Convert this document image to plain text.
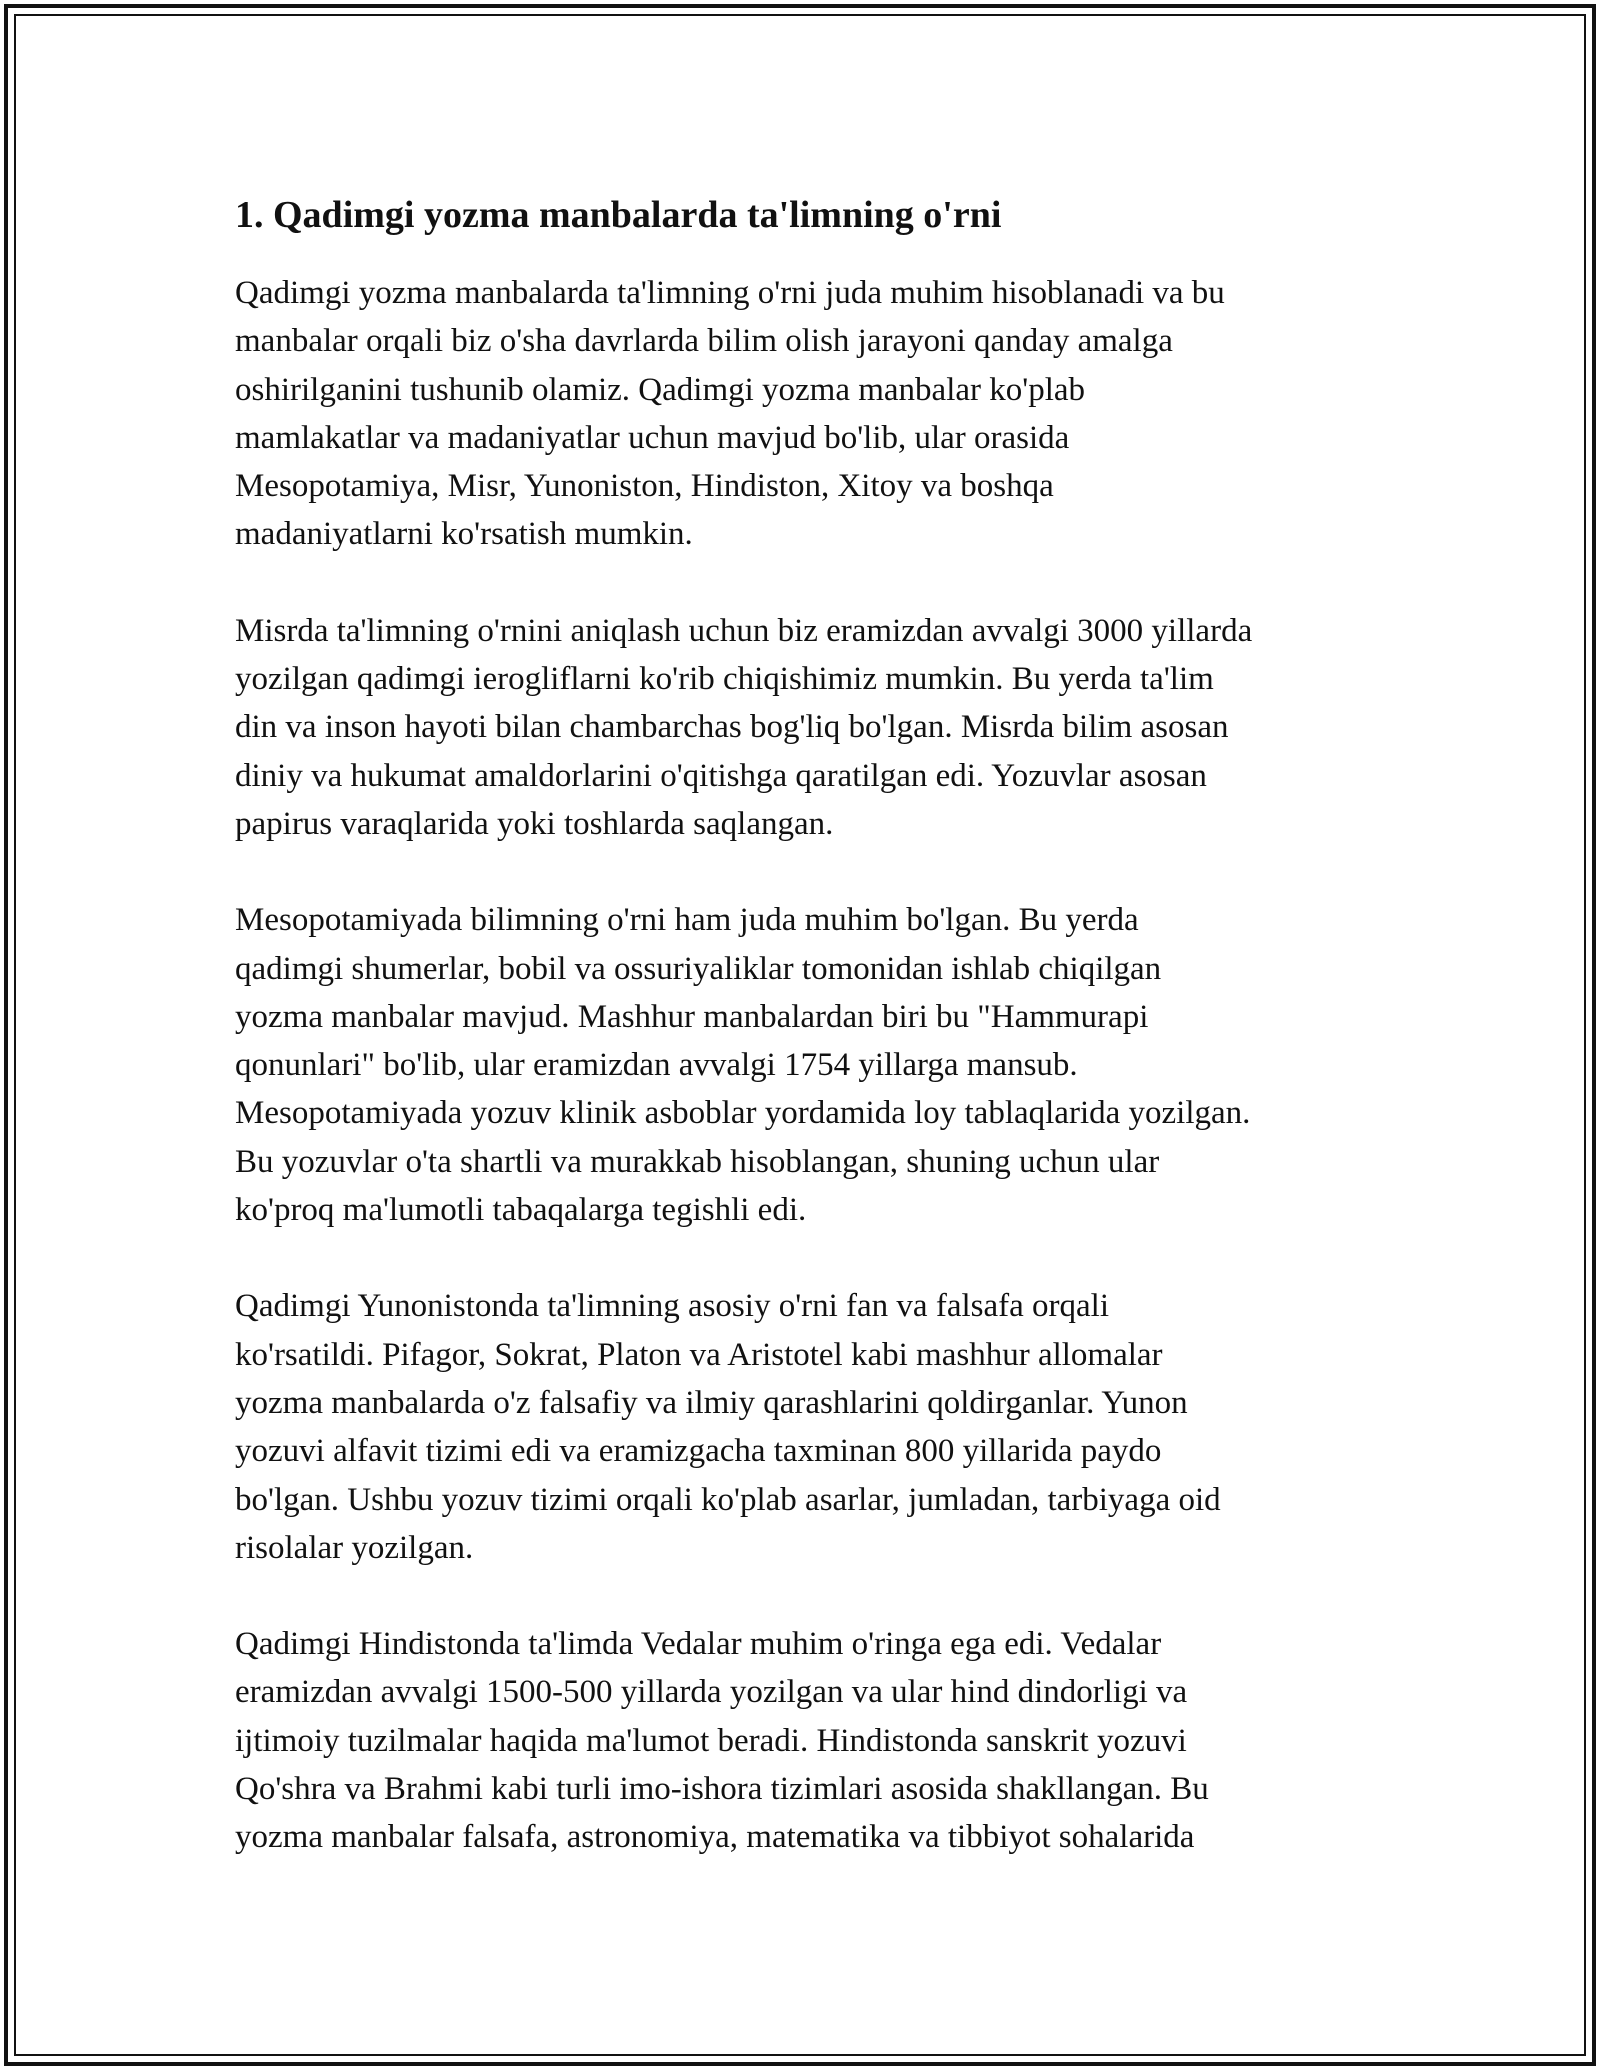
1. Qadimgi yozma manbalarda ta'limning o'rni

Qadimgi yozma manbalarda ta'limning o'rni juda muhim hisoblanadi va bu
manbalar orqali biz o'sha davrlarda bilim olish jarayoni qanday amalga
oshirilganini tushunib olamiz. Qadimgi yozma manbalar ko'plab
mamlakatlar va madaniyatlar uchun mavjud bo'lib, ular orasida
Mesopotamiya, Misr, Yunoniston, Hindiston, Xitoy va boshqa
madaniyatlarni ko'rsatish mumkin.

Misrda ta'limning o'rnini aniqlash uchun biz eramizdan avvalgi 3000 yillarda
yozilgan qadimgi ierogliflarni ko'rib chiqishimiz mumkin. Bu yerda ta'lim
din va inson hayoti bilan chambarchas bog'liq bo'lgan. Misrda bilim asosan
diniy va hukumat amaldorlarini o'qitishga qaratilgan edi. Yozuvlar asosan
papirus varaqlarida yoki toshlarda saqlangan.

Mesopotamiyada bilimning o'rni ham juda muhim bo'lgan. Bu yerda
qadimgi shumerlar, bobil va ossuriyaliklar tomonidan ishlab chiqilgan
yozma manbalar mavjud. Mashhur manbalardan biri bu "Hammurapi
qonunlari" bo'lib, ular eramizdan avvalgi 1754 yillarga mansub.
Mesopotamiyada yozuv klinik asboblar yordamida loy tablaqlarida yozilgan.
Bu yozuvlar o'ta shartli va murakkab hisoblangan, shuning uchun ular
ko'proq ma'lumotli tabaqalarga tegishli edi.

Qadimgi Yunonistonda ta'limning asosiy o'rni fan va falsafa orqali
ko'rsatildi. Pifagor, Sokrat, Platon va Aristotel kabi mashhur allomalar
yozma manbalarda o'z falsafiy va ilmiy qarashlarini qoldirganlar. Yunon
yozuvi alfavit tizimi edi va eramizgacha taxminan 800 yillarida paydo
bo'lgan. Ushbu yozuv tizimi orqali ko'plab asarlar, jumladan, tarbiyaga oid
risolalar yozilgan.

Qadimgi Hindistonda ta'limda Vedalar muhim o'ringa ega edi. Vedalar
eramizdan avvalgi 1500-500 yillarda yozilgan va ular hind dindorligi va
ijtimoiy tuzilmalar haqida ma'lumot beradi. Hindistonda sanskrit yozuvi
Qo'shra va Brahmi kabi turli imo-ishora tizimlari asosida shakllangan. Bu
yozma manbalar falsafa, astronomiya, matematika va tibbiyot sohalarida
